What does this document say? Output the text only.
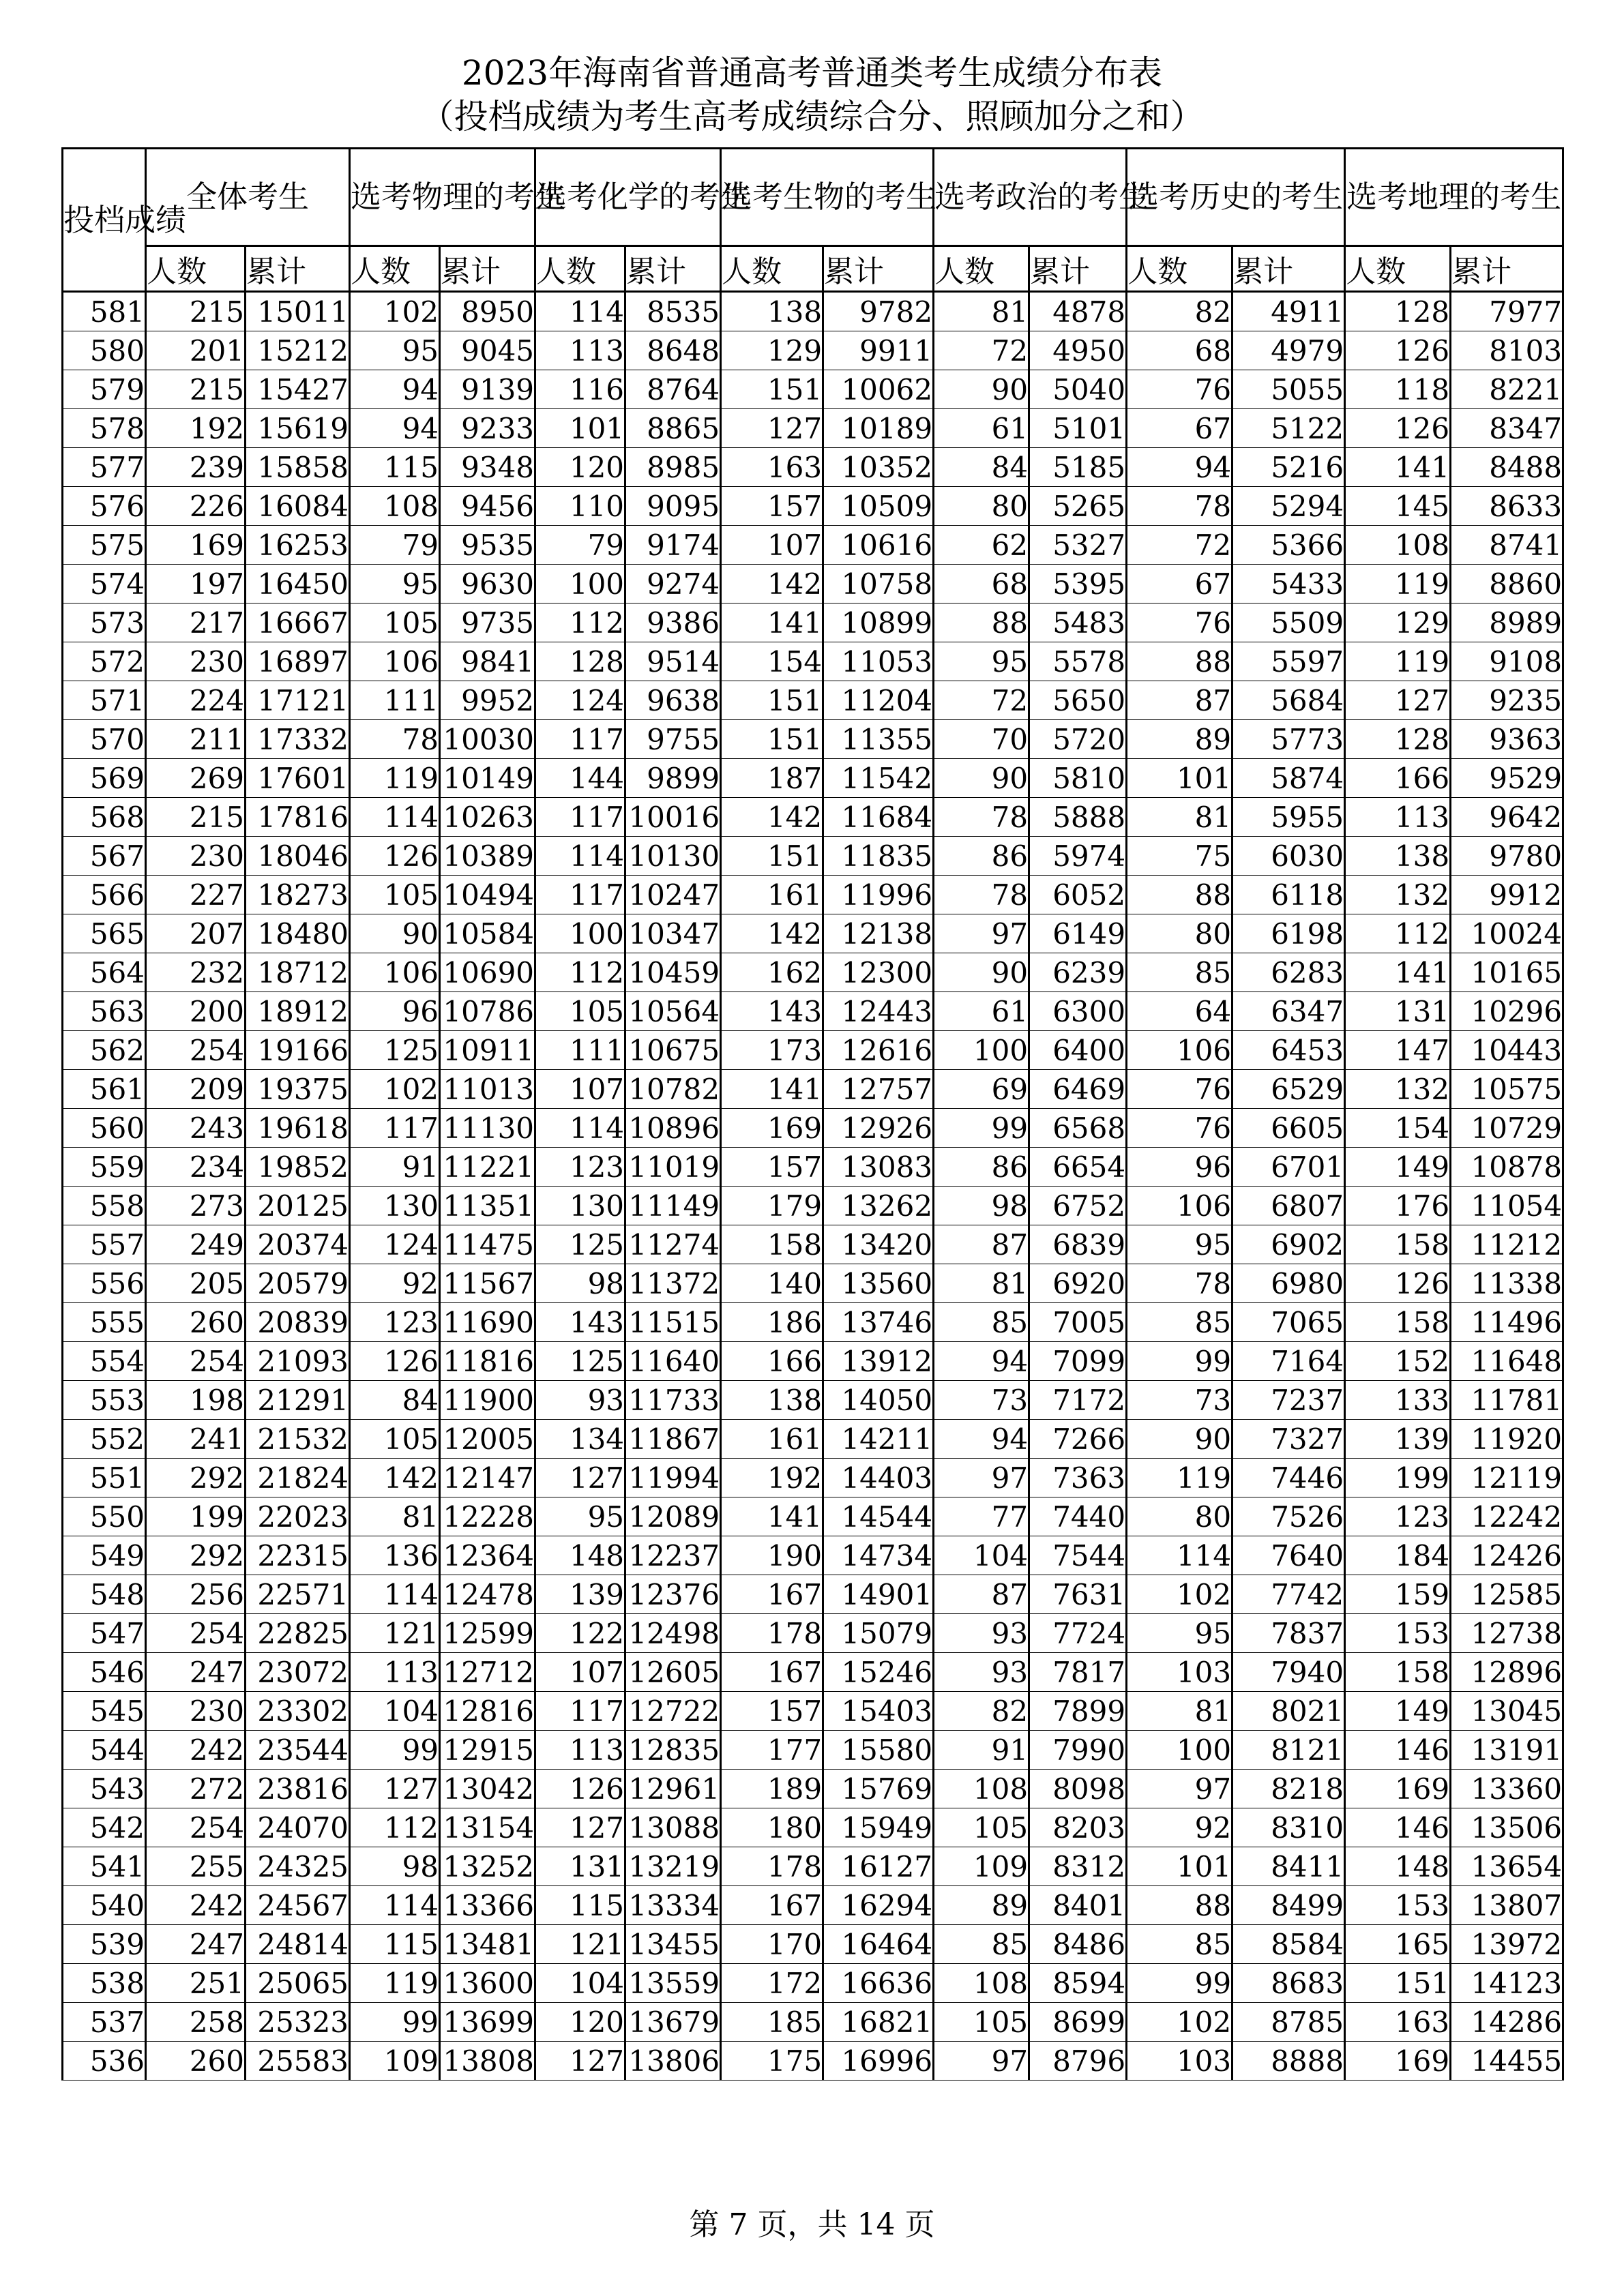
2023年海南省普通高考普通类考生成绩分布表
（投档成绩为考生高考成绩综合分、照顾加分之和）
投档成绩	全体考生		选考物理的考生		选考化学的考生		选考生物的考生		选考政治的考生		选考历史的考生		选考地理的考生	
	人数	累计	人数	累计	人数	累计	人数	累计	人数	累计	人数	累计	人数	累计
581	215	15011	102	8950	114	8535	138	9782	81	4878	82	4911	128	7977
580	201	15212	95	9045	113	8648	129	9911	72	4950	68	4979	126	8103
579	215	15427	94	9139	116	8764	151	10062	90	5040	76	5055	118	8221
578	192	15619	94	9233	101	8865	127	10189	61	5101	67	5122	126	8347
577	239	15858	115	9348	120	8985	163	10352	84	5185	94	5216	141	8488
576	226	16084	108	9456	110	9095	157	10509	80	5265	78	5294	145	8633
575	169	16253	79	9535	79	9174	107	10616	62	5327	72	5366	108	8741
574	197	16450	95	9630	100	9274	142	10758	68	5395	67	5433	119	8860
573	217	16667	105	9735	112	9386	141	10899	88	5483	76	5509	129	8989
572	230	16897	106	9841	128	9514	154	11053	95	5578	88	5597	119	9108
571	224	17121	111	9952	124	9638	151	11204	72	5650	87	5684	127	9235
570	211	17332	78	10030	117	9755	151	11355	70	5720	89	5773	128	9363
569	269	17601	119	10149	144	9899	187	11542	90	5810	101	5874	166	9529
568	215	17816	114	10263	117	10016	142	11684	78	5888	81	5955	113	9642
567	230	18046	126	10389	114	10130	151	11835	86	5974	75	6030	138	9780
566	227	18273	105	10494	117	10247	161	11996	78	6052	88	6118	132	9912
565	207	18480	90	10584	100	10347	142	12138	97	6149	80	6198	112	10024
564	232	18712	106	10690	112	10459	162	12300	90	6239	85	6283	141	10165
563	200	18912	96	10786	105	10564	143	12443	61	6300	64	6347	131	10296
562	254	19166	125	10911	111	10675	173	12616	100	6400	106	6453	147	10443
561	209	19375	102	11013	107	10782	141	12757	69	6469	76	6529	132	10575
560	243	19618	117	11130	114	10896	169	12926	99	6568	76	6605	154	10729
559	234	19852	91	11221	123	11019	157	13083	86	6654	96	6701	149	10878
558	273	20125	130	11351	130	11149	179	13262	98	6752	106	6807	176	11054
557	249	20374	124	11475	125	11274	158	13420	87	6839	95	6902	158	11212
556	205	20579	92	11567	98	11372	140	13560	81	6920	78	6980	126	11338
555	260	20839	123	11690	143	11515	186	13746	85	7005	85	7065	158	11496
554	254	21093	126	11816	125	11640	166	13912	94	7099	99	7164	152	11648
553	198	21291	84	11900	93	11733	138	14050	73	7172	73	7237	133	11781
552	241	21532	105	12005	134	11867	161	14211	94	7266	90	7327	139	11920
551	292	21824	142	12147	127	11994	192	14403	97	7363	119	7446	199	12119
550	199	22023	81	12228	95	12089	141	14544	77	7440	80	7526	123	12242
549	292	22315	136	12364	148	12237	190	14734	104	7544	114	7640	184	12426
548	256	22571	114	12478	139	12376	167	14901	87	7631	102	7742	159	12585
547	254	22825	121	12599	122	12498	178	15079	93	7724	95	7837	153	12738
546	247	23072	113	12712	107	12605	167	15246	93	7817	103	7940	158	12896
545	230	23302	104	12816	117	12722	157	15403	82	7899	81	8021	149	13045
544	242	23544	99	12915	113	12835	177	15580	91	7990	100	8121	146	13191
543	272	23816	127	13042	126	12961	189	15769	108	8098	97	8218	169	13360
542	254	24070	112	13154	127	13088	180	15949	105	8203	92	8310	146	13506
541	255	24325	98	13252	131	13219	178	16127	109	8312	101	8411	148	13654
540	242	24567	114	13366	115	13334	167	16294	89	8401	88	8499	153	13807
539	247	24814	115	13481	121	13455	170	16464	85	8486	85	8584	165	13972
538	251	25065	119	13600	104	13559	172	16636	108	8594	99	8683	151	14123
537	258	25323	99	13699	120	13679	185	16821	105	8699	102	8785	163	14286
536	260	25583	109	13808	127	13806	175	16996	97	8796	103	8888	169	14455
第 7 页，共 14 页
